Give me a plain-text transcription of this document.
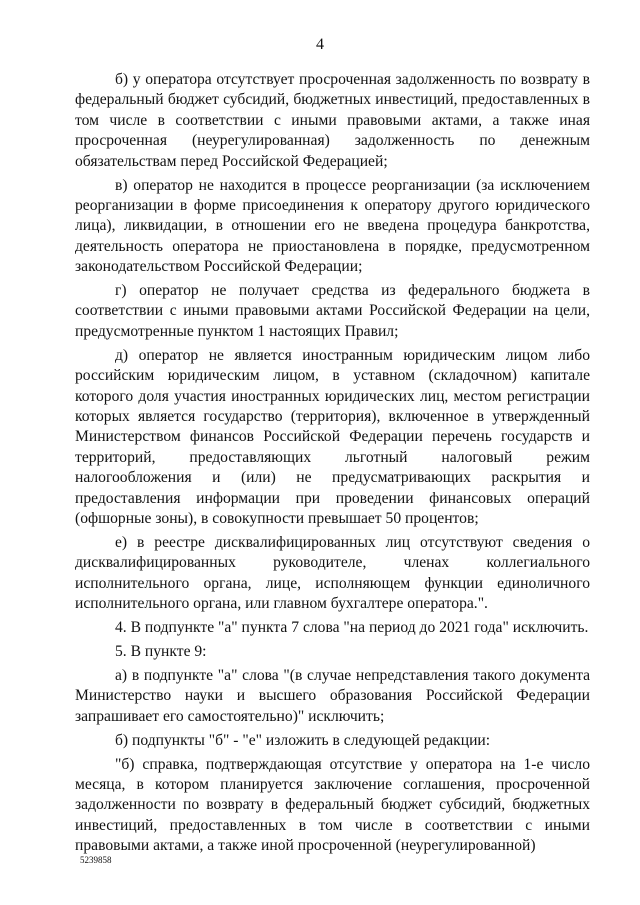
4

б) у оператора отсутствует просроченная задолженность по возврату в федеральный бюджет субсидий, бюджетных инвестиций, предоставленных в том числе в соответствии с иными правовыми актами, а также иная просроченная (неурегулированная) задолженность по денежным обязательствам перед Российской Федерацией;

в) оператор не находится в процессе реорганизации (за исключением реорганизации в форме присоединения к оператору другого юридического лица), ликвидации, в отношении его не введена процедура банкротства, деятельность оператора не приостановлена в порядке, предусмотренном законодательством Российской Федерации;

г) оператор не получает средства из федерального бюджета в соответствии с иными правовыми актами Российской Федерации на цели, предусмотренные пунктом 1 настоящих Правил;

д) оператор не является иностранным юридическим лицом либо российским юридическим лицом, в уставном (складочном) капитале которого доля участия иностранных юридических лиц, местом регистрации которых является государство (территория), включенное в утвержденный Министерством финансов Российской Федерации перечень государств и территорий, предоставляющих льготный налоговый режим налогообложения и (или) не предусматривающих раскрытия и предоставления информации при проведении финансовых операций (офшорные зоны), в совокупности превышает 50 процентов;

е) в реестре дисквалифицированных лиц отсутствуют сведения о дисквалифицированных руководителе, членах коллегиального исполнительного органа, лице, исполняющем функции единоличного исполнительного органа, или главном бухгалтере оператора.".

4. В подпункте "а" пункта 7 слова "на период до 2021 года" исключить.

5. В пункте 9:

а) в подпункте "а" слова "(в случае непредставления такого документа Министерство науки и высшего образования Российской Федерации запрашивает его самостоятельно)" исключить;

б) подпункты "б" - "е" изложить в следующей редакции:

"б) справка, подтверждающая отсутствие у оператора на 1-е число месяца, в котором планируется заключение соглашения, просроченной задолженности по возврату в федеральный бюджет субсидий, бюджетных инвестиций, предоставленных в том числе в соответствии с иными правовыми актами, а также иной просроченной (неурегулированной)

5239858
